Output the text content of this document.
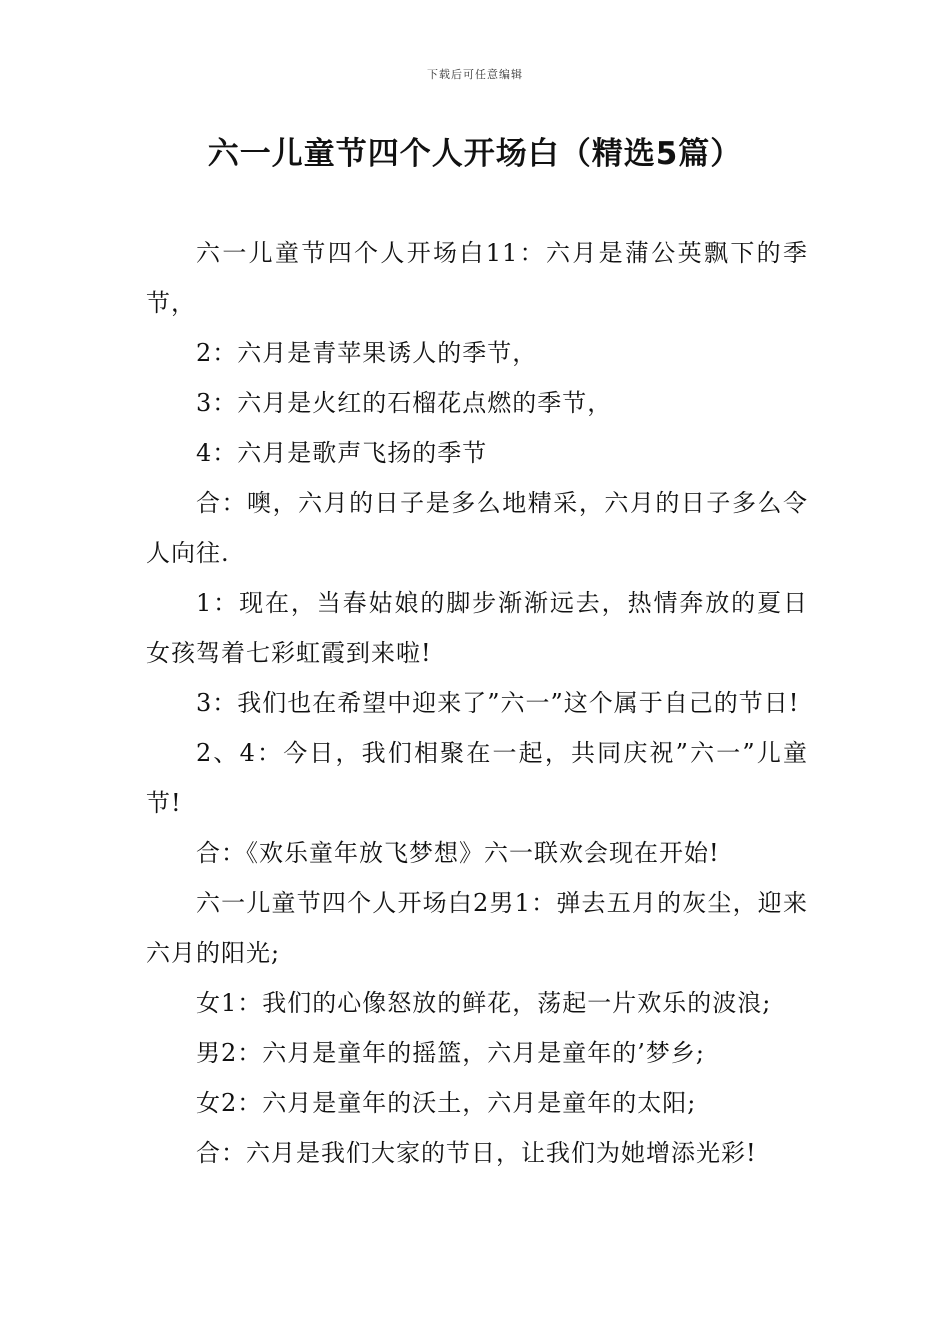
下载后可任意编辑
六一儿童节四个人开场白（精选5篇）

六一儿童节四个人开场白11：六月是蒲公英飘下的季节，

2：六月是青苹果诱人的季节，

3：六月是火红的石榴花点燃的季节，

4：六月是歌声飞扬的季节

合：噢，六月的日子是多么地精采，六月的日子多么令人向往.

1：现在，当春姑娘的脚步渐渐远去，热情奔放的夏日女孩驾着七彩虹霞到来啦!

3：我们也在希望中迎来了”六一”这个属于自己的节日!

2、4：今日，我们相聚在一起，共同庆祝”六一”儿童节!

合：《欢乐童年放飞梦想》六一联欢会现在开始!

六一儿童节四个人开场白2男1：弹去五月的灰尘，迎来六月的阳光;

女1：我们的心像怒放的鲜花，荡起一片欢乐的波浪;

男2：六月是童年的摇篮，六月是童年的’梦乡;

女2：六月是童年的沃土，六月是童年的太阳;

合：六月是我们大家的节日，让我们为她增添光彩!
